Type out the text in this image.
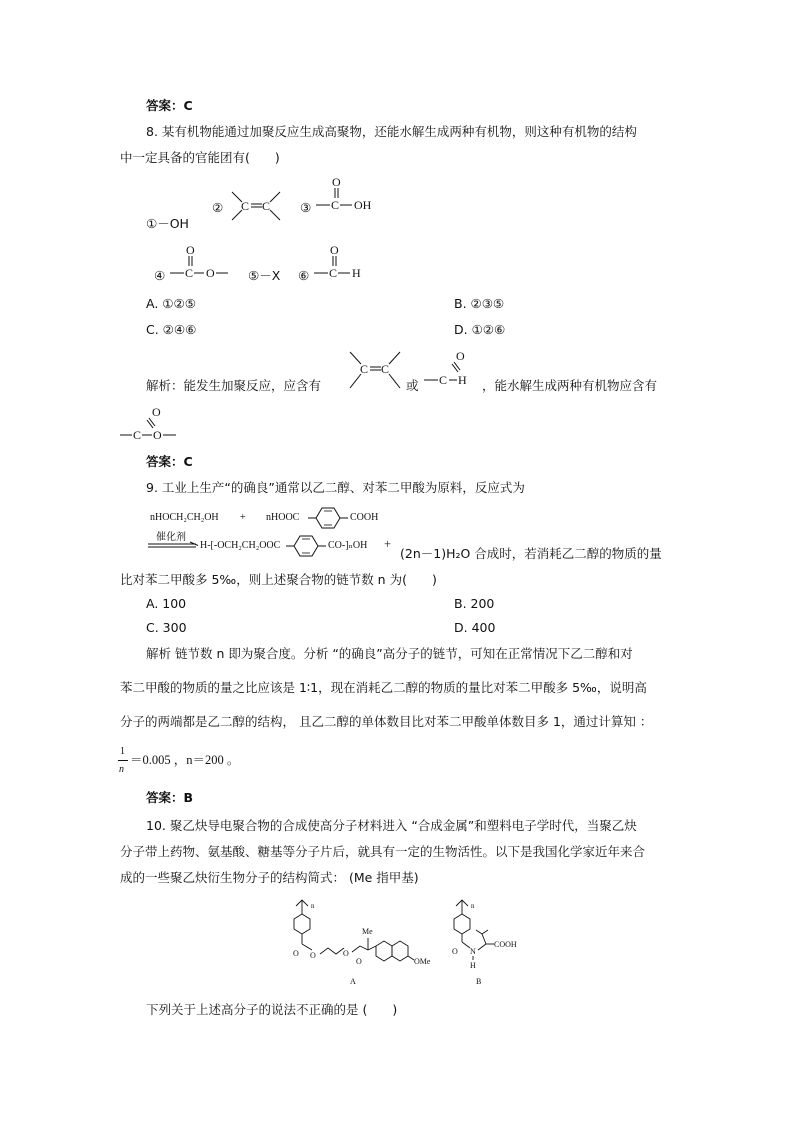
答案：C
8. 某有机物能通过加聚反应生成高聚物，还能水解生成两种有机物，则这种有机物的结构
中一定具备的官能团有(　　)
①－OH
② C C ③
O
C OH
④
O
C O	⑤－X ⑥
O
C H
A. ①②⑤	B. ②③⑤
C. ②④⑥	D. ①②⑥
解析：能发生加聚反应，应含有
C C
或
O
C H ，能水解生成两种有机物应含有
O
C O
答案：C
9. 工业上生产“的确良”通常以乙二醇、对苯二甲酸为原料，反应式为
nHOCH₂CH₂OH + nHOOC	COOH
催化剂
H-[-OCH₂CH₂OOC	CO-]ₙOH +
(2n－1)H₂O 合成时，若消耗乙二醇的物质的量
比对苯二甲酸多 5‰，则上述聚合物的链节数 n 为(　　)
A. 100	B. 200
C. 300	D. 400
解析 链节数 n 即为聚合度。分析 “的确良”高分子的链节，可知在正常情况下乙二醇和对
苯二甲酸的物质的量之比应该是 1∶1，现在消耗乙二醇的物质的量比对苯二甲酸多 5‰，说明高
分子的两端都是乙二醇的结构， 且乙二醇的单体数目比对苯二甲酸单体数目多 1，通过计算知 ：
1
n
＝0.005 ，n＝200 。
答案：B
10. 聚乙炔导电聚合物的合成使高分子材料进入 “合成金属”和塑料电子学时代，当聚乙炔
分子带上药物、氨基酸、糖基等分子片后，就具有一定的生物活性。以下是我国化学家近年来合
成的一些聚乙炔衍生物分子的结构简式： (Me 指甲基)
n
O O	O
O
Me
OMe
A
n
O N
H
COOH
B
下列关于上述高分子的说法不正确的是 (　　)
